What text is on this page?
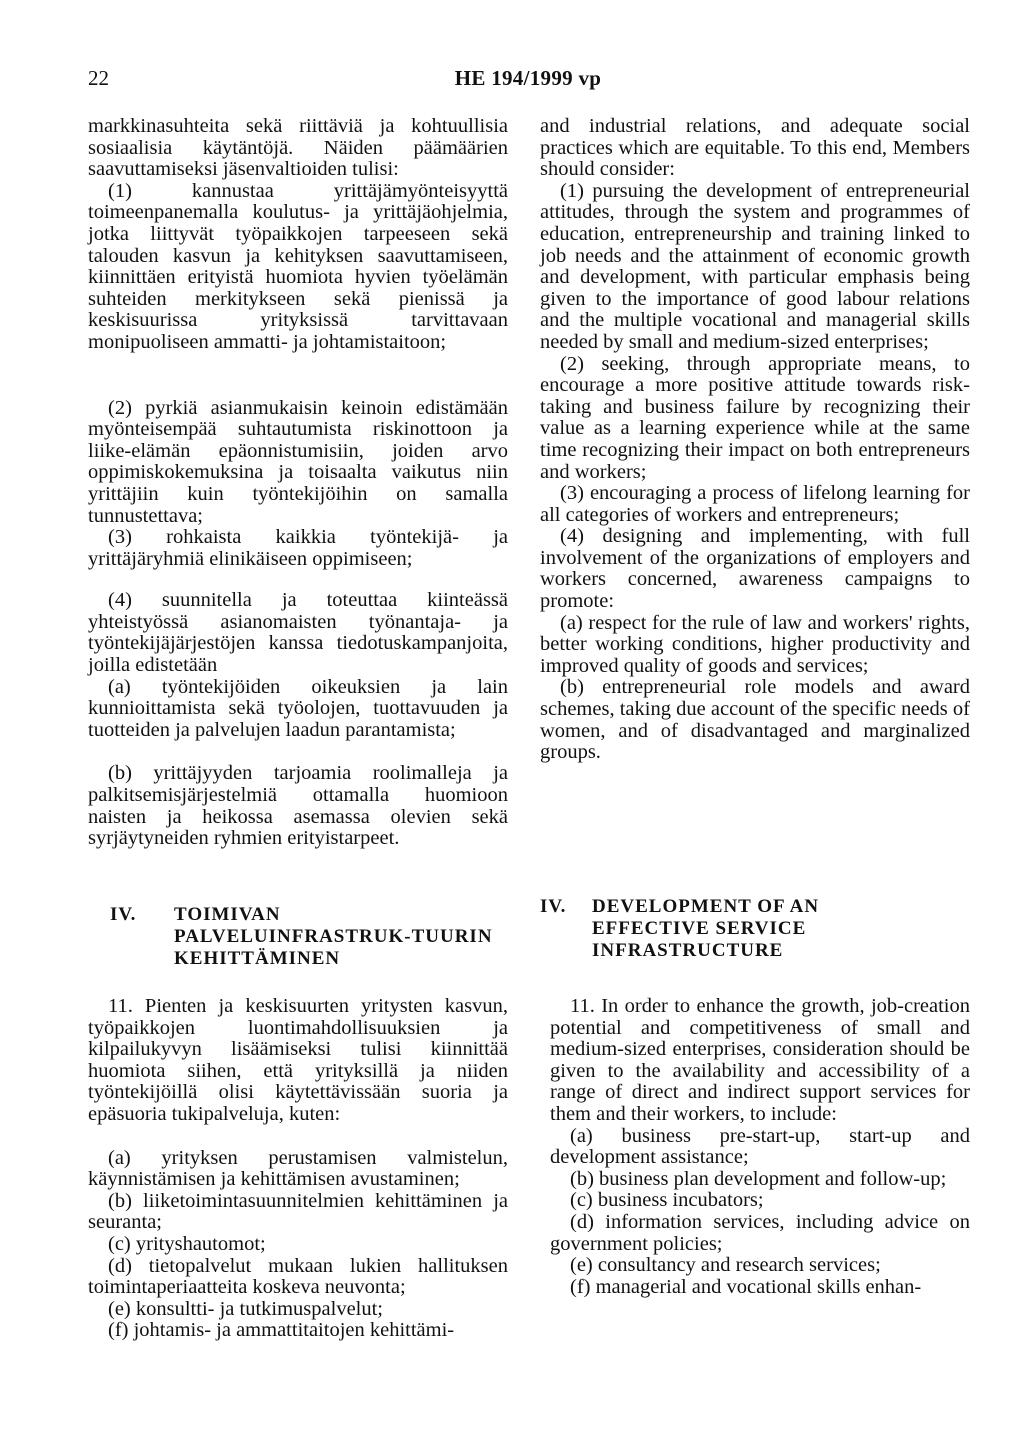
22	HE 194/1999 vp

markkinasuhteita sekä riittäviä ja kohtuullisia sosiaalisia käytäntöjä. Näiden päämäärien saavuttamiseksi jäsenvaltioiden tulisi:

(1) kannustaa yrittäjämyönteisyyttä toimeenpanemalla koulutus- ja yrittäjäohjelmia, jotka liittyvät työpaikkojen tarpeeseen sekä talouden kasvun ja kehityksen saavuttamiseen, kiinnittäen erityistä huomiota hyvien työelämän suhteiden merkitykseen sekä pienissä ja keskisuurissa yrityksissä tarvittavaan monipuoliseen ammatti- ja johtamistaitoon;

(2) pyrkiä asianmukaisin keinoin edistämään myönteisempää suhtautumista riskinottoon ja liike-elämän epäonnistumisiin, joiden arvo oppimiskokemuksina ja toisaalta vaikutus niin yrittäjiin kuin työntekijöihin on samalla tunnustettava;

(3) rohkaista kaikkia työntekijä- ja yrittäjäryhmiä elinikäiseen oppimiseen;

(4) suunnitella ja toteuttaa kiinteässä yhteistyössä asianomaisten työnantaja- ja työntekijäjärjestöjen kanssa tiedotuskampanjoita, joilla edistetään

(a) työntekijöiden oikeuksien ja lain kunnioittamista sekä työolojen, tuottavuuden ja tuotteiden ja palvelujen laadun parantamista;

(b) yrittäjyyden tarjoamia roolimalleja ja palkitsemisjärjestelmiä ottamalla huomioon naisten ja heikossa asemassa olevien sekä syrjäytyneiden ryhmien erityistarpeet.

and industrial relations, and adequate social practices which are equitable. To this end, Members should consider:

(1) pursuing the development of entrepreneurial attitudes, through the system and programmes of education, entrepreneurship and training linked to job needs and the attainment of economic growth and development, with particular emphasis being given to the importance of good labour relations and the multiple vocational and managerial skills needed by small and medium-sized enterprises;

(2) seeking, through appropriate means, to encourage a more positive attitude towards risk-taking and business failure by recognizing their value as a learning experience while at the same time recognizing their impact on both entrepreneurs and workers;

(3) encouraging a process of lifelong learning for all categories of workers and entrepreneurs;

(4) designing and implementing, with full involvement of the organizations of employers and workers concerned, awareness campaigns to promote:

(a) respect for the rule of law and workers' rights, better working conditions, higher productivity and improved quality of goods and services;

(b) entrepreneurial role models and award schemes, taking due account of the specific needs of women, and of disadvantaged and marginalized groups.

IV. TOIMIVAN
PALVELUINFRASTRUK-TUURIN
KEHITTÄMINEN
IV. DEVELOPMENT OF AN
EFFECTIVE SERVICE
INFRASTRUCTURE

11. Pienten ja keskisuurten yritysten kasvun, työpaikkojen luontimahdollisuuksien ja kilpailukyvyn lisäämiseksi tulisi kiinnittää huomiota siihen, että yrityksillä ja niiden työntekijöillä olisi käytettävissään suoria ja epäsuoria tukipalveluja, kuten:

(a) yrityksen perustamisen valmistelun, käynnistämisen ja kehittämisen avustaminen;

(b) liiketoimintasuunnitelmien kehittäminen ja seuranta;

(c) yrityshautomot;

(d) tietopalvelut mukaan lukien hallituksen toimintaperiaatteita koskeva neuvonta;

(e) konsultti- ja tutkimuspalvelut;

(f) johtamis- ja ammattitaitojen kehittämi-

11. In order to enhance the growth, job-creation potential and competitiveness of small and medium-sized enterprises, consideration should be given to the availability and accessibility of a range of direct and indirect support services for them and their workers, to include:

(a) business pre-start-up, start-up and development assistance;

(b) business plan development and follow-up;

(c) business incubators;

(d) information services, including advice on government policies;

(e) consultancy and research services;

(f) managerial and vocational skills enhan-
